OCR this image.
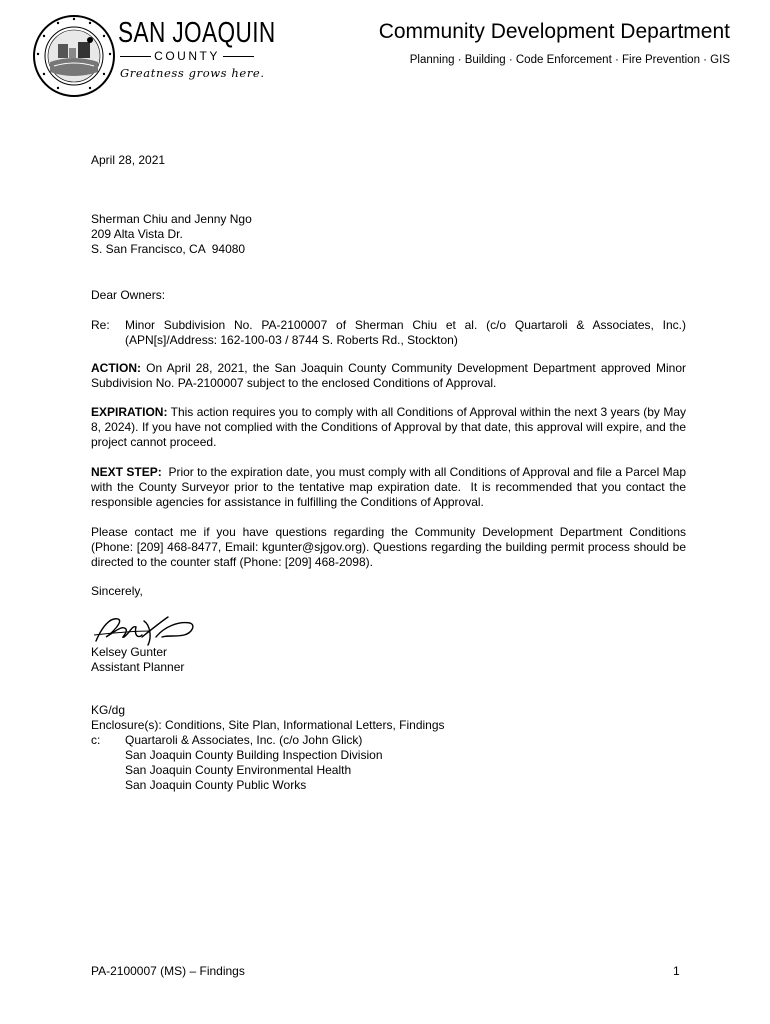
SAN JOAQUIN
COUNTY
Greatness grows here.
Community Development Department
Planning · Building · Code Enforcement · Fire Prevention · GIS
April 28, 2021
Sherman Chiu and Jenny Ngo
209 Alta Vista Dr.
S. San Francisco, CA  94080
Dear Owners:
Re: Minor Subdivision No. PA-2100007 of Sherman Chiu et al. (c/o Quartaroli & Associates, Inc.)
(APN[s]/Address: 162-100-03 / 8744 S. Roberts Rd., Stockton)
ACTION: On April 28, 2021, the San Joaquin County Community Development Department approved Minor Subdivision No. PA-2100007 subject to the enclosed Conditions of Approval.
EXPIRATION: This action requires you to comply with all Conditions of Approval within the next 3 years (by May 8, 2024). If you have not complied with the Conditions of Approval by that date, this approval will expire, and the project cannot proceed.
NEXT STEP:  Prior to the expiration date, you must comply with all Conditions of Approval and file a Parcel Map with the County Surveyor prior to the tentative map expiration date.  It is recommended that you contact the responsible agencies for assistance in fulfilling the Conditions of Approval.
Please contact me if you have questions regarding the Community Development Department Conditions (Phone: [209] 468-8477, Email: kgunter@sjgov.org). Questions regarding the building permit process should be directed to the counter staff (Phone: [209] 468-2098).
Sincerely,
Kelsey Gunter
Assistant Planner
KG/dg
Enclosure(s): Conditions, Site Plan, Informational Letters, Findings
c: Quartaroli & Associates, Inc. (c/o John Glick)
San Joaquin County Building Inspection Division
San Joaquin County Environmental Health
San Joaquin County Public Works
PA-2100007 (MS) – Findings	1
